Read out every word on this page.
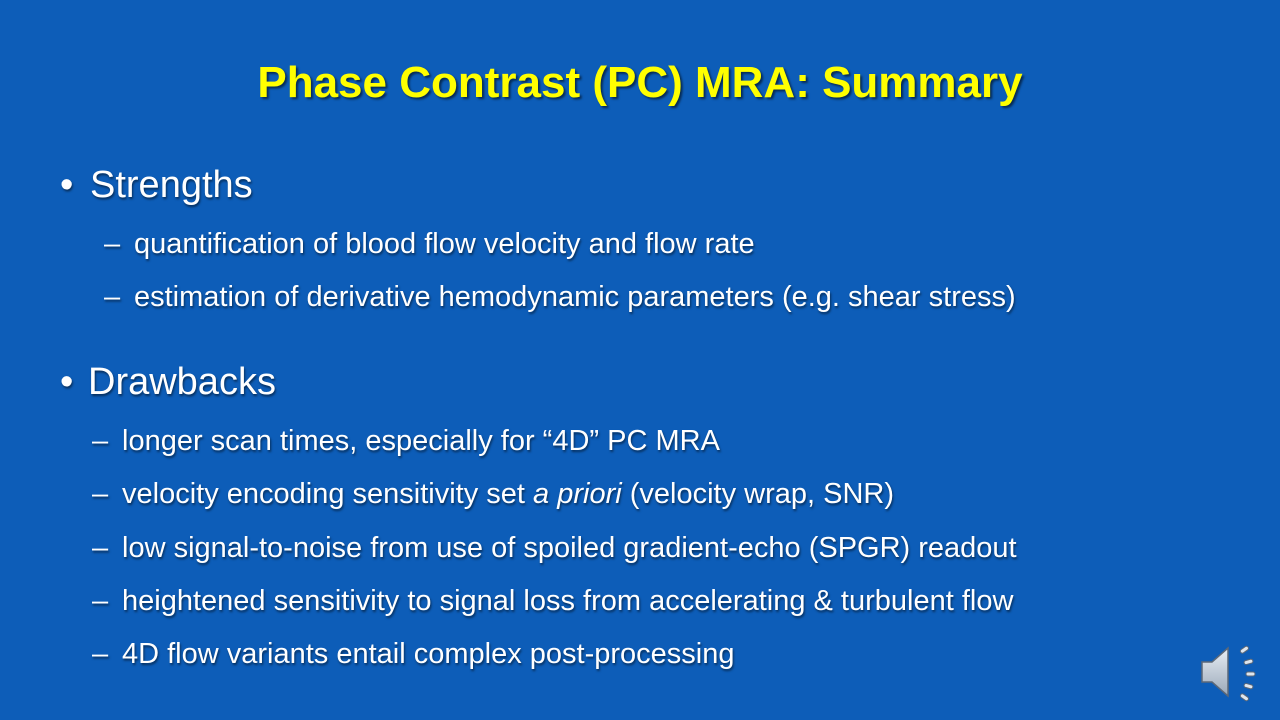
Phase Contrast (PC) MRA: Summary
• Strengths
– quantification of blood flow velocity and flow rate
– estimation of derivative hemodynamic parameters (e.g. shear stress)
• Drawbacks
– longer scan times, especially for “4D” PC MRA
– velocity encoding sensitivity set a priori (velocity wrap, SNR)
– low signal-to-noise from use of spoiled gradient-echo (SPGR) readout
– heightened sensitivity to signal loss from accelerating & turbulent flow
– 4D flow variants entail complex post-processing
